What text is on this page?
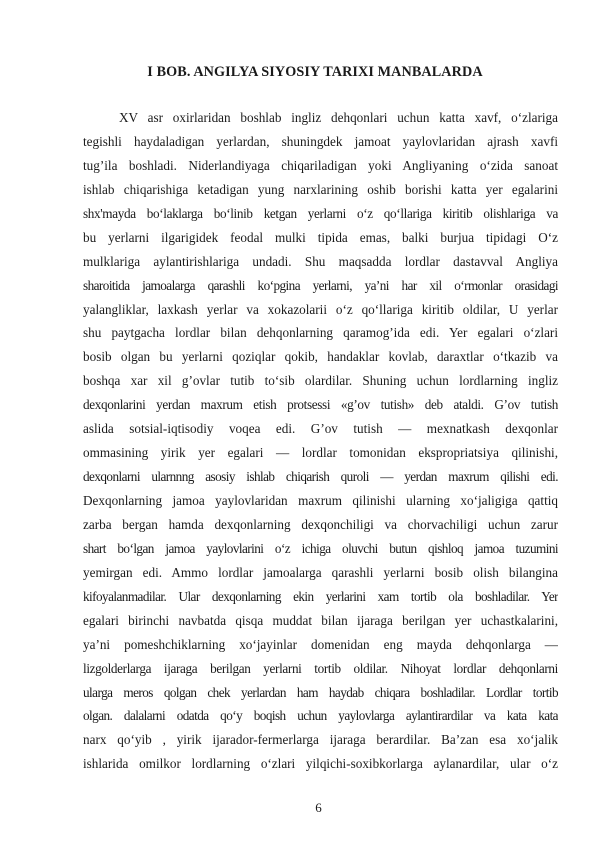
I BOB. ANGILYA SIYOSIY TARIXI MANBALARDA
XV asr oxirlaridan boshlab ingliz dehqonlari uchun katta xavf, o‘zlariga
tegishli haydaladigan yerlardan, shuningdek jamoat yaylovlaridan ajrash xavfi
tug’ila boshladi. Niderlandiyaga chiqariladigan yoki Angliyaning o‘zida sanoat
ishlab chiqarishiga ketadigan yung narxlarining oshib borishi katta yer egalarini
shx'mayda bo‘laklarga bo‘linib ketgan yerlarni o‘z qo‘llariga kiritib olishlariga va
bu yerlarni ilgarigidek feodal mulki tipida emas, balki burjua tipidagi O‘z
mulklariga aylantirishlariga undadi. Shu maqsadda lordlar dastavval Angliya
sharoitida jamoalarga qarashli ko‘pgina yerlarni, ya’ni har xil o‘rmonlar orasidagi
yalangliklar, laxkash yerlar va xokazolarii o‘z qo‘llariga kiritib oldilar, U yerlar
shu paytgacha lordlar bilan dehqonlarning qaramog’ida edi. Yer egalari o‘zlari
bosib olgan bu yerlarni qoziqlar qokib, handaklar kovlab, daraxtlar o‘tkazib va
boshqa xar xil g’ovlar tutib to‘sib olardilar. Shuning uchun lordlarning ingliz
dexqonlarini yerdan maxrum etish protsessi «g’ov tutish» deb ataldi. G’ov tutish
aslida sotsial-iqtisodiy voqea edi. G’ov tutish — mexnatkash dexqonlar
ommasining yirik yer egalari — lordlar tomonidan ekspropriatsiya qilinishi,
dexqonlarni ularnnng asosiy ishlab chiqarish quroli — yerdan maxrum qilishi edi.
Dexqonlarning jamoa yaylovlaridan maxrum qilinishi ularning xo‘jaligiga qattiq
zarba bergan hamda dexqonlarning dexqonchiligi va chorvachiligi uchun zarur
shart bo‘lgan jamoa yaylovlarini o‘z ichiga oluvchi butun qishloq jamoa tuzumini
yemirgan edi. Ammo lordlar jamoalarga qarashli yerlarni bosib olish bilangina
kifoyalanmadilar. Ular dexqonlarning ekin yerlarini xam tortib ola boshladilar. Yer
egalari birinchi navbatda qisqa muddat bilan ijaraga berilgan yer uchastkalarini,
ya’ni pomeshchiklarning xo‘jayinlar domenidan eng mayda dehqonlarga —
lizgolderlarga ijaraga berilgan yerlarni tortib oldilar. Nihoyat lordlar dehqonlarni
ularga meros qolgan chek yerlardan ham haydab chiqara boshladilar. Lordlar tortib
olgan. dalalarni odatda qo‘y boqish uchun yaylovlarga aylantirardilar va kata kata
narx qo‘yib , yirik ijarador-fermerlarga ijaraga berardilar. Ba’zan esa xo‘jalik
ishlarida omilkor lordlarning o‘zlari yilqichi-soxibkorlarga aylanardilar, ular o‘z
6
